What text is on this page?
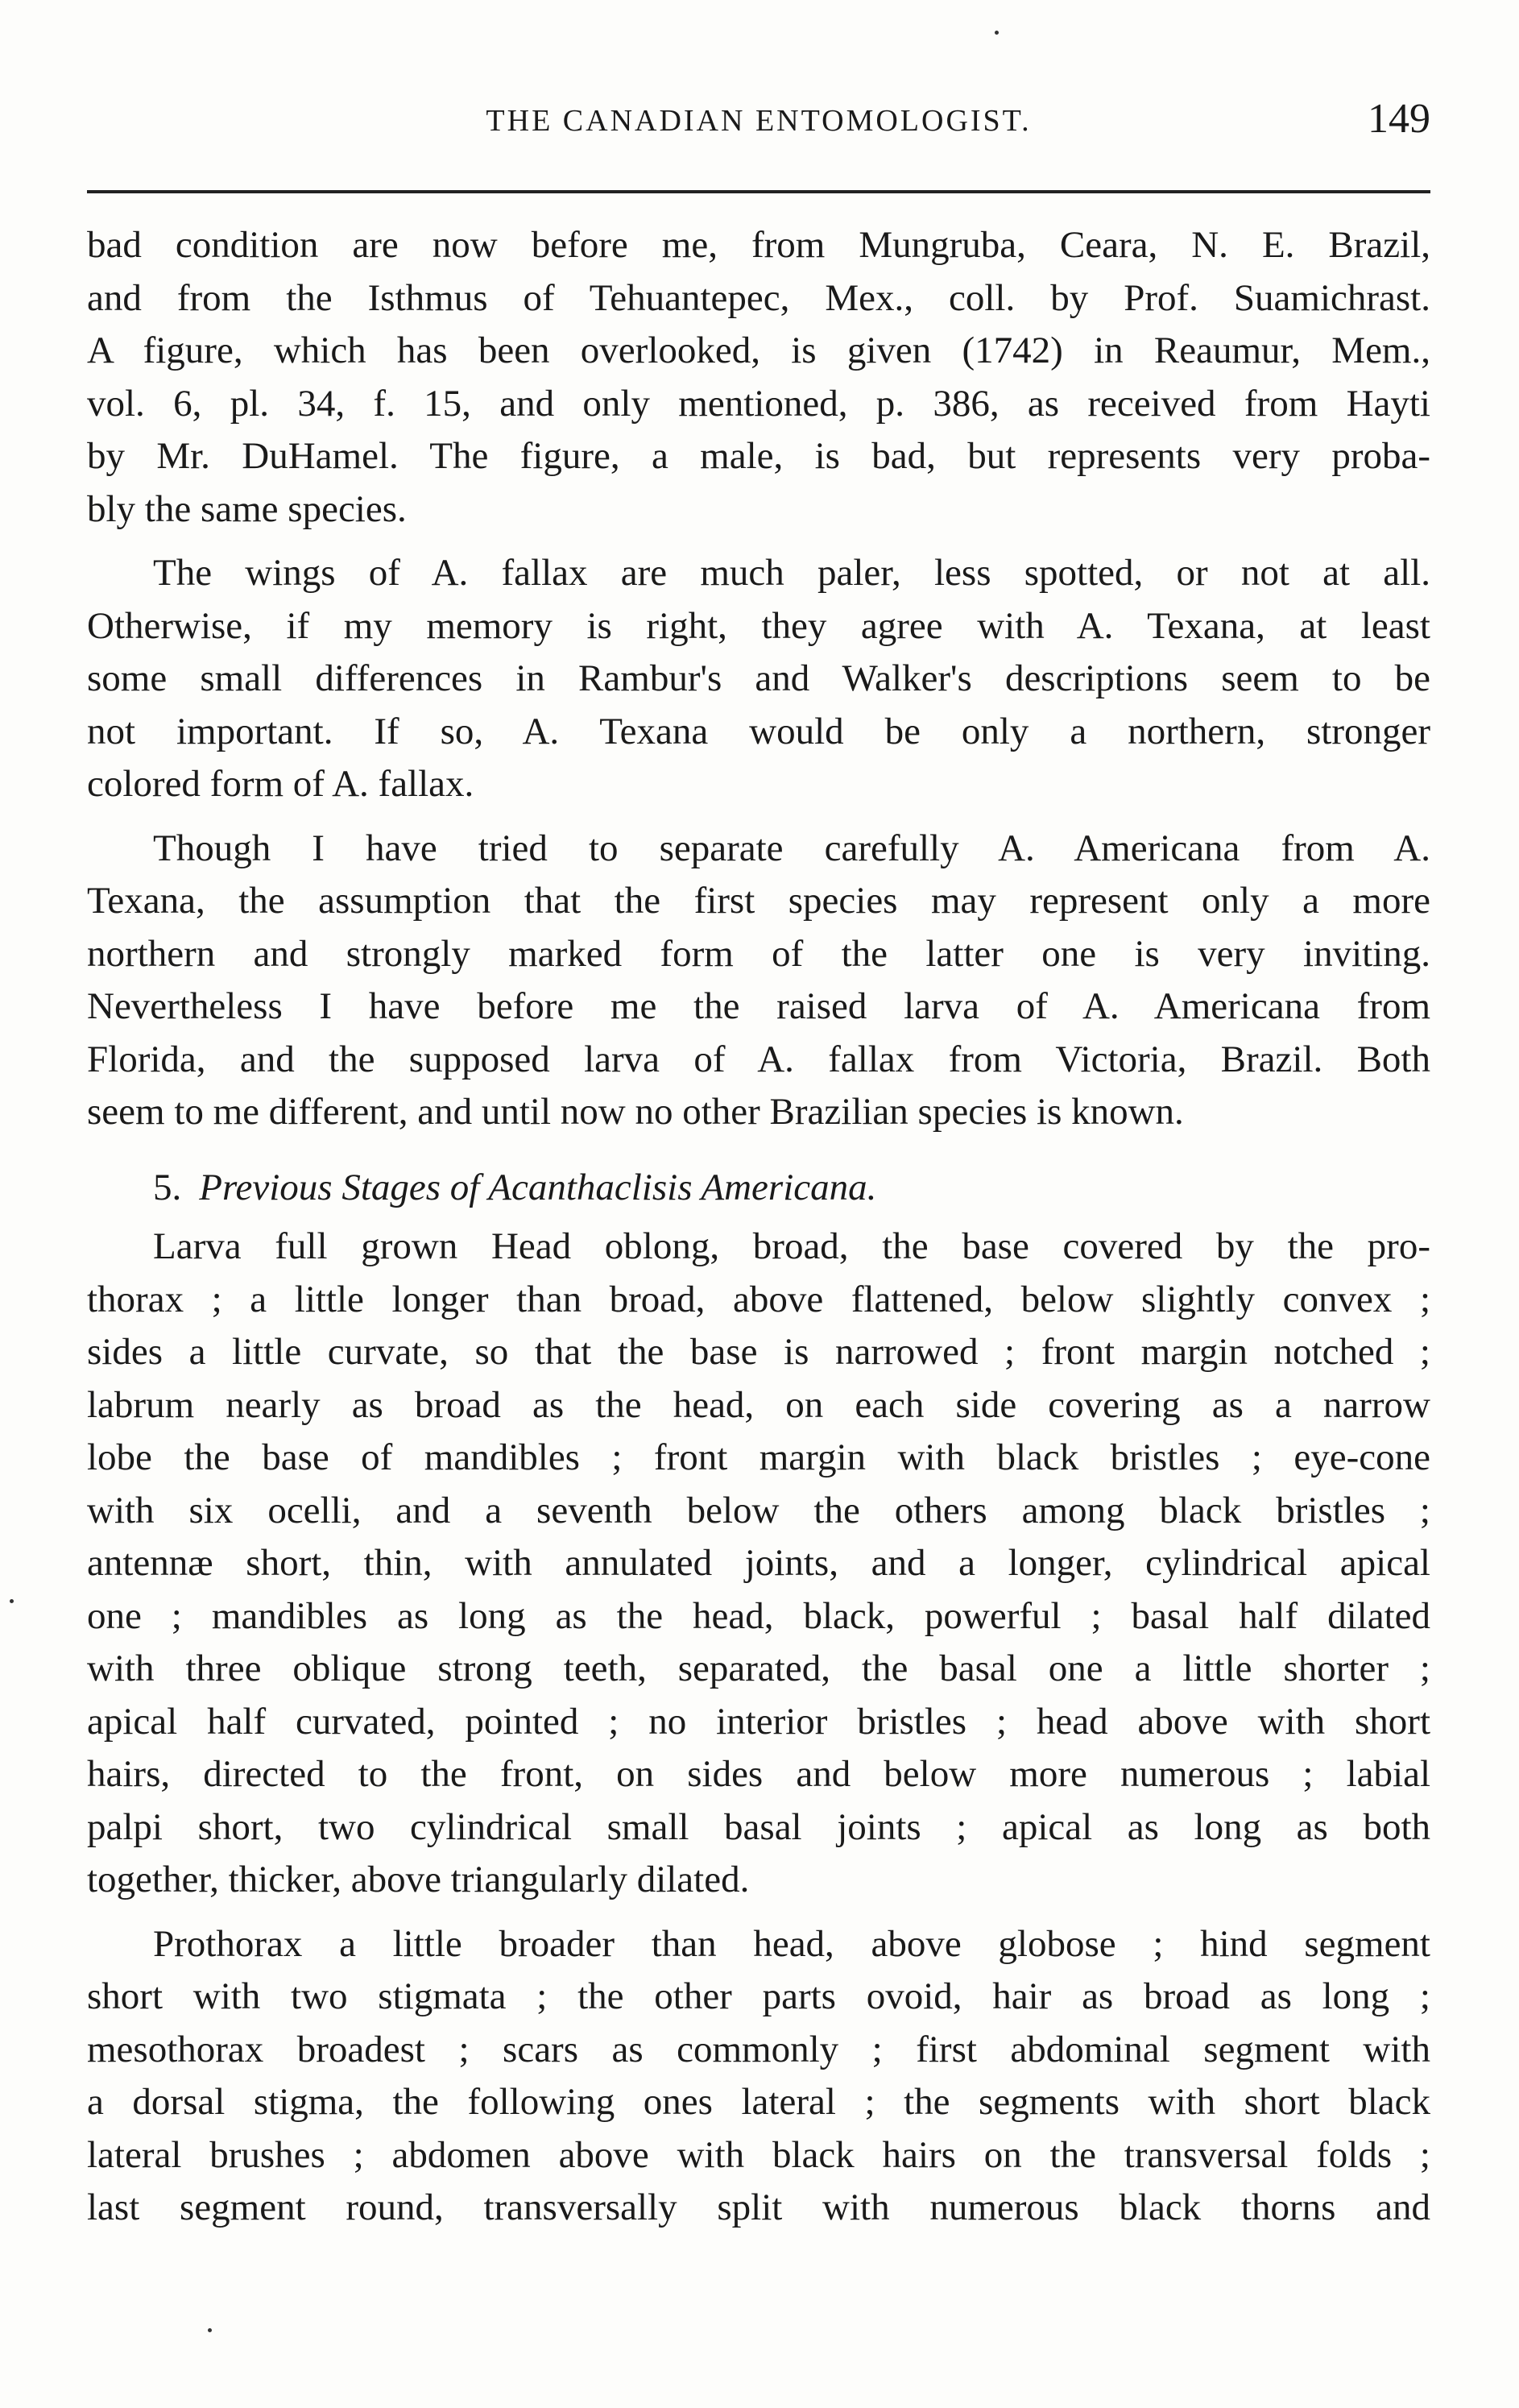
THE CANADIAN ENTOMOLOGIST.	149
bad condition are now before me, from Mungruba, Ceara, N. E. Brazil,
and from the Isthmus of Tehuantepec, Mex., coll. by Prof. Suamichrast.
A figure, which has been overlooked, is given (1742) in Reaumur, Mem.,
vol. 6, pl. 34, f. 15, and only mentioned, p. 386, as received from Hayti
by Mr. DuHamel. The figure, a male, is bad, but represents very proba-
bly the same species.
The wings of A. fallax are much paler, less spotted, or not at all.
Otherwise, if my memory is right, they agree with A. Texana, at least
some small differences in Rambur's and Walker's descriptions seem to be
not important. If so, A. Texana would be only a northern, stronger
colored form of A. fallax.
Though I have tried to separate carefully A. Americana from A.
Texana, the assumption that the first species may represent only a more
northern and strongly marked form of the latter one is very inviting.
Nevertheless I have before me the raised larva of A. Americana from
Florida, and the supposed larva of A. fallax from Victoria, Brazil. Both
seem to me different, and until now no other Brazilian species is known.
5. Previous Stages of Acanthaclisis Americana.
Larva full grown Head oblong, broad, the base covered by the pro-
thorax ; a little longer than broad, above flattened, below slightly convex ;
sides a little curvate, so that the base is narrowed ; front margin notched ;
labrum nearly as broad as the head, on each side covering as a narrow
lobe the base of mandibles ; front margin with black bristles ; eye-cone
with six ocelli, and a seventh below the others among black bristles ;
antennæ short, thin, with annulated joints, and a longer, cylindrical apical
one ; mandibles as long as the head, black, powerful ; basal half dilated
with three oblique strong teeth, separated, the basal one a little shorter ;
apical half curvated, pointed ; no interior bristles ; head above with short
hairs, directed to the front, on sides and below more numerous ; labial
palpi short, two cylindrical small basal joints ; apical as long as both
together, thicker, above triangularly dilated.
Prothorax a little broader than head, above globose ; hind segment
short with two stigmata ; the other parts ovoid, hair as broad as long ;
mesothorax broadest ; scars as commonly ; first abdominal segment with
a dorsal stigma, the following ones lateral ; the segments with short black
lateral brushes ; abdomen above with black hairs on the transversal folds ;
last segment round, transversally split with numerous black thorns and
